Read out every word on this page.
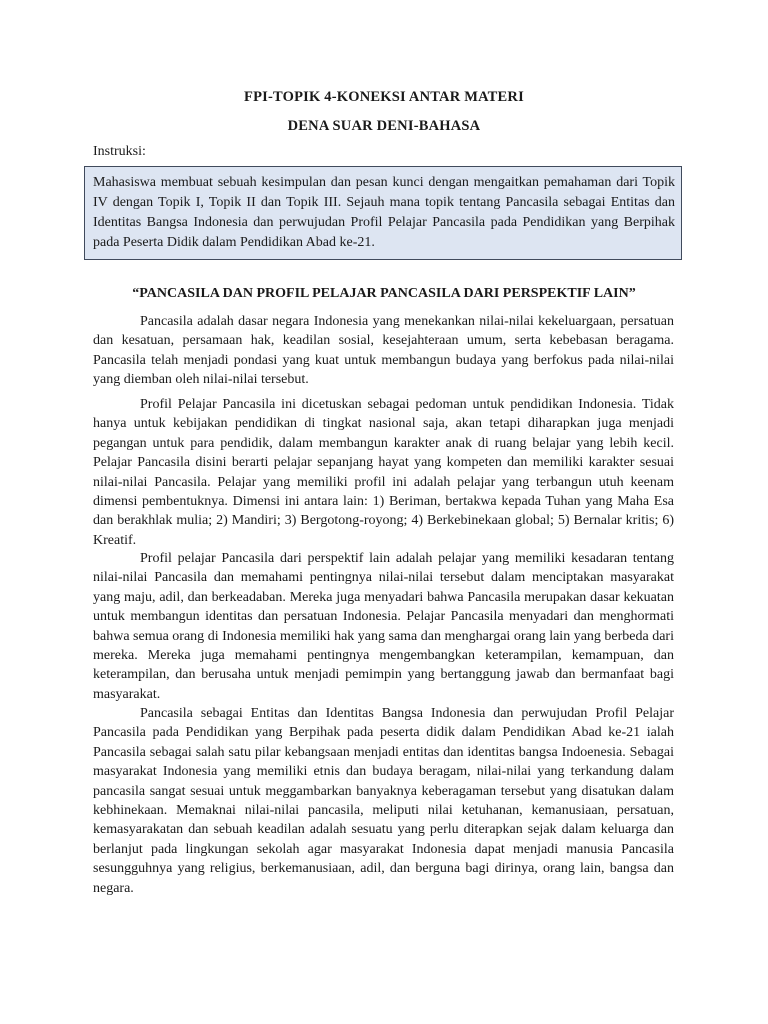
FPI-TOPIK 4-KONEKSI ANTAR MATERI
DENA SUAR DENI-BAHASA
Instruksi:
Mahasiswa membuat sebuah kesimpulan dan pesan kunci dengan mengaitkan pemahaman dari Topik IV dengan Topik I, Topik II dan Topik III. Sejauh mana topik tentang Pancasila sebagai Entitas dan Identitas Bangsa Indonesia dan perwujudan Profil Pelajar Pancasila pada Pendidikan yang Berpihak pada Peserta Didik dalam Pendidikan Abad ke-21.
“PANCASILA DAN PROFIL PELAJAR PANCASILA DARI PERSPEKTIF LAIN”

Pancasila adalah dasar negara Indonesia yang menekankan nilai-nilai kekeluargaan, persatuan dan kesatuan, persamaan hak, keadilan sosial, kesejahteraan umum, serta kebebasan beragama. Pancasila telah menjadi pondasi yang kuat untuk membangun budaya yang berfokus pada nilai-nilai yang diemban oleh nilai-nilai tersebut.

Profil Pelajar Pancasila ini dicetuskan sebagai pedoman untuk pendidikan Indonesia. Tidak hanya untuk kebijakan pendidikan di tingkat nasional saja, akan tetapi diharapkan juga menjadi pegangan untuk para pendidik, dalam membangun karakter anak di ruang belajar yang lebih kecil. Pelajar Pancasila disini berarti pelajar sepanjang hayat yang kompeten dan memiliki karakter sesuai nilai-nilai Pancasila. Pelajar yang memiliki profil ini adalah pelajar yang terbangun utuh keenam dimensi pembentuknya. Dimensi ini antara lain: 1) Beriman, bertakwa kepada Tuhan yang Maha Esa dan berakhlak mulia; 2) Mandiri; 3) Bergotong-royong; 4) Berkebinekaan global; 5) Bernalar kritis; 6) Kreatif.

Profil pelajar Pancasila dari perspektif lain adalah pelajar yang memiliki kesadaran tentang nilai-nilai Pancasila dan memahami pentingnya nilai-nilai tersebut dalam menciptakan masyarakat yang maju, adil, dan berkeadaban. Mereka juga menyadari bahwa Pancasila merupakan dasar kekuatan untuk membangun identitas dan persatuan Indonesia. Pelajar Pancasila menyadari dan menghormati bahwa semua orang di Indonesia memiliki hak yang sama dan menghargai orang lain yang berbeda dari mereka. Mereka juga memahami pentingnya mengembangkan keterampilan, kemampuan, dan keterampilan, dan berusaha untuk menjadi pemimpin yang bertanggung jawab dan bermanfaat bagi masyarakat.

Pancasila sebagai Entitas dan Identitas Bangsa Indonesia dan perwujudan Profil Pelajar Pancasila pada Pendidikan yang Berpihak pada peserta didik dalam Pendidikan Abad ke-21 ialah Pancasila sebagai salah satu pilar kebangsaan menjadi entitas dan identitas bangsa Indoenesia. Sebagai masyarakat Indonesia yang memiliki etnis dan budaya beragam, nilai-nilai yang terkandung dalam pancasila sangat sesuai untuk meggambarkan banyaknya keberagaman tersebut yang disatukan dalam kebhinekaan. Memaknai nilai-nilai pancasila, meliputi nilai ketuhanan, kemanusiaan, persatuan, kemasyarakatan dan sebuah keadilan adalah sesuatu yang perlu diterapkan sejak dalam keluarga dan berlanjut pada lingkungan sekolah agar masyarakat Indonesia dapat menjadi manusia Pancasila sesungguhnya yang religius, berkemanusiaan, adil, dan berguna bagi dirinya, orang lain, bangsa dan negara.
